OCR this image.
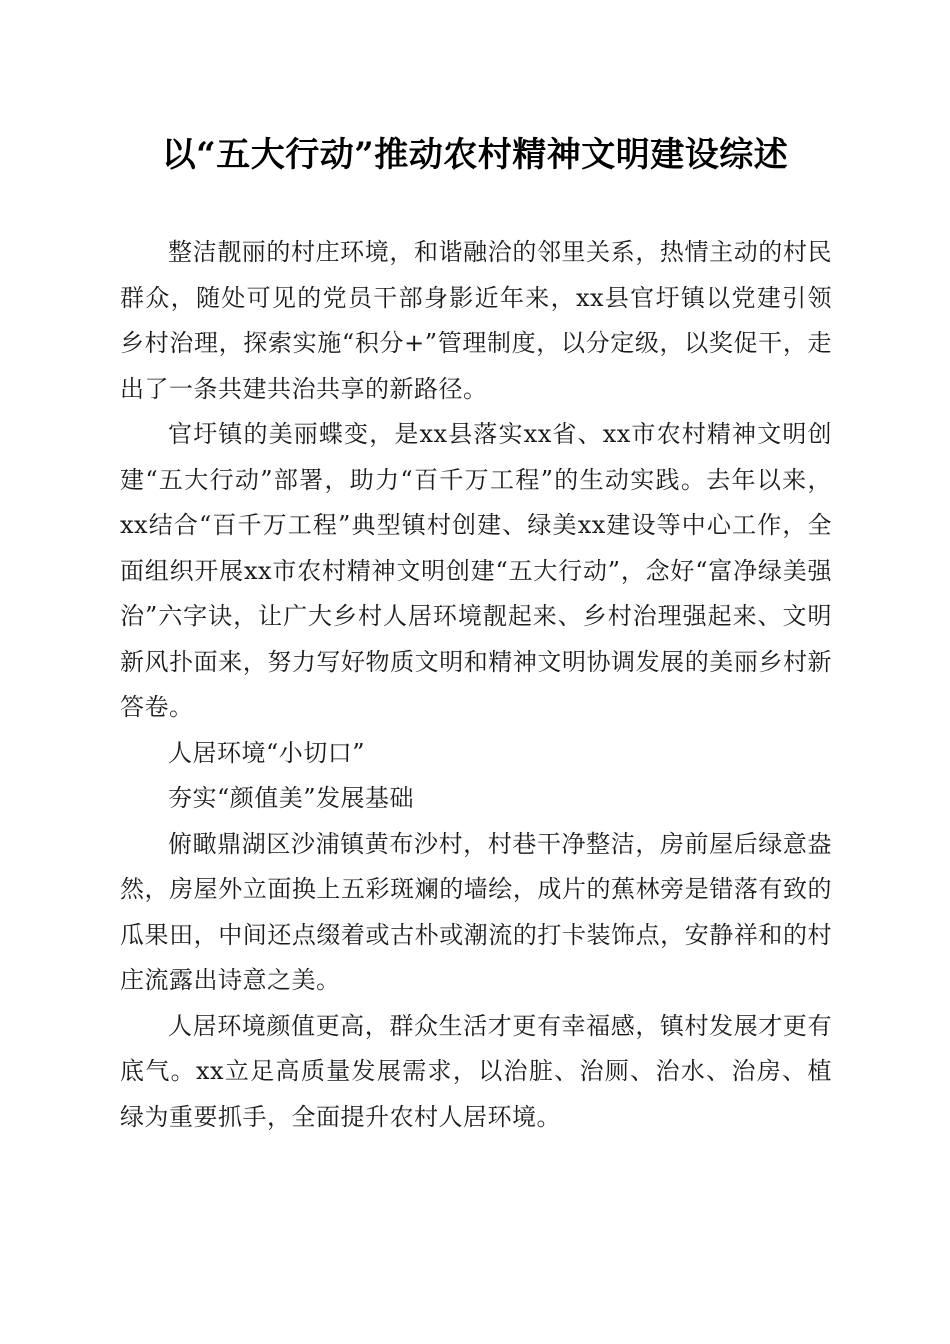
以“五大行动”推动农村精神文明建设综述

整洁靓丽的村庄环境，和谐融洽的邻里关系，热情主动的村民群众，随处可见的党员干部身影近年来，xx县官圩镇以党建引领乡村治理，探索实施“积分+”管理制度，以分定级，以奖促干，走出了一条共建共治共享的新路径。

官圩镇的美丽蝶变，是xx县落实xx省、xx市农村精神文明创建“五大行动”部署，助力“百千万工程”的生动实践。去年以来，xx结合“百千万工程”典型镇村创建、绿美xx建设等中心工作，全面组织开展xx市农村精神文明创建“五大行动”，念好“富净绿美强治”六字诀，让广大乡村人居环境靓起来、乡村治理强起来、文明新风扑面来，努力写好物质文明和精神文明协调发展的美丽乡村新答卷。

人居环境“小切口”

夯实“颜值美”发展基础

俯瞰鼎湖区沙浦镇黄布沙村，村巷干净整洁，房前屋后绿意盎然，房屋外立面换上五彩斑斓的墙绘，成片的蕉林旁是错落有致的瓜果田，中间还点缀着或古朴或潮流的打卡装饰点，安静祥和的村庄流露出诗意之美。

人居环境颜值更高，群众生活才更有幸福感，镇村发展才更有底气。xx立足高质量发展需求，以治脏、治厕、治水、治房、植绿为重要抓手，全面提升农村人居环境。
